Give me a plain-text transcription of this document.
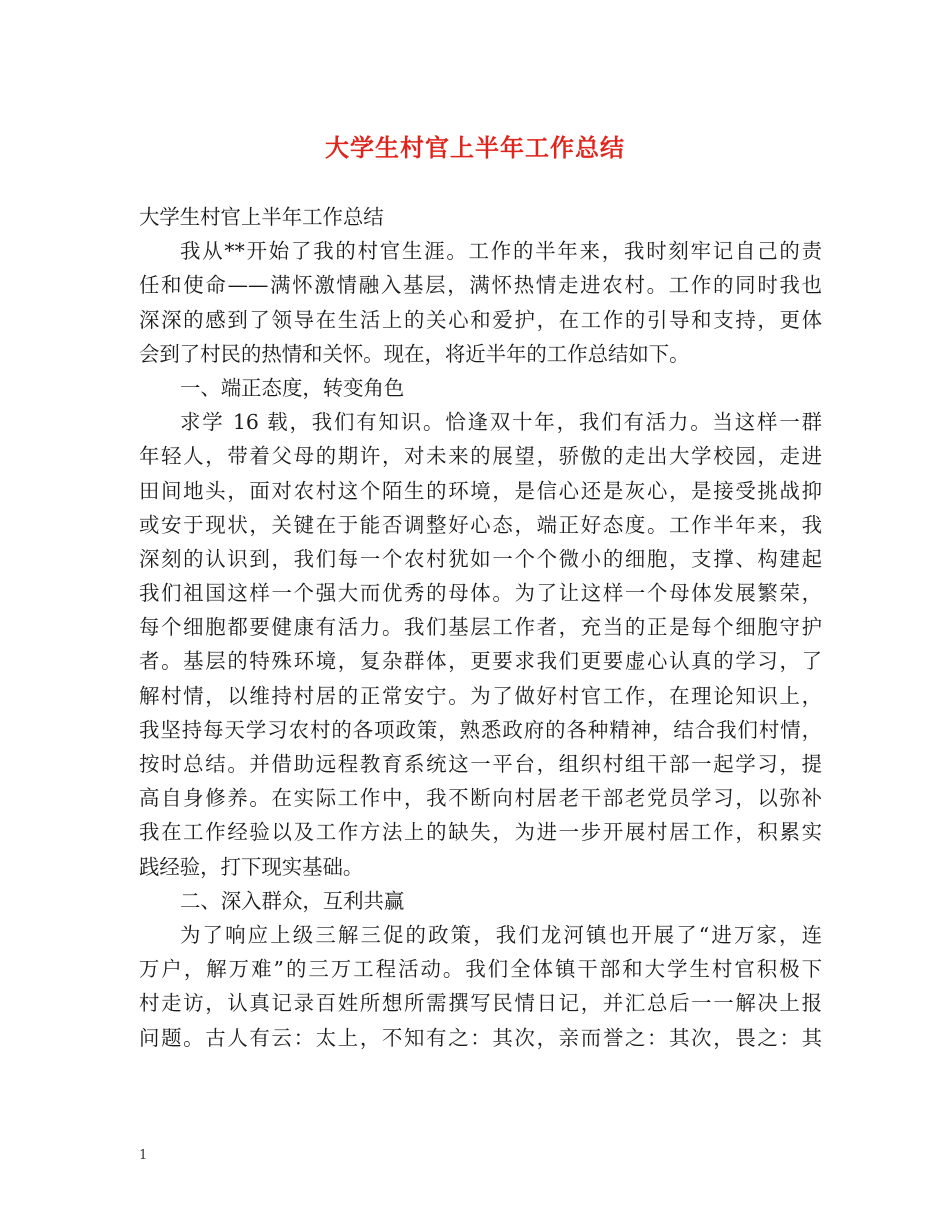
大学生村官上半年工作总结
大学生村官上半年工作总结
我从**开始了我的村官生涯。工作的半年来，我时刻牢记自己的责
任和使命——满怀激情融入基层，满怀热情走进农村。工作的同时我也
深深的感到了领导在生活上的关心和爱护，在工作的引导和支持，更体
会到了村民的热情和关怀。现在，将近半年的工作总结如下。
一、端正态度，转变角色
求学 16 载，我们有知识。恰逢双十年，我们有活力。当这样一群
年轻人，带着父母的期许，对未来的展望，骄傲的走出大学校园，走进
田间地头，面对农村这个陌生的环境，是信心还是灰心，是接受挑战抑
或安于现状，关键在于能否调整好心态，端正好态度。工作半年来，我
深刻的认识到，我们每一个农村犹如一个个微小的细胞，支撑、构建起
我们祖国这样一个强大而优秀的母体。为了让这样一个母体发展繁荣，
每个细胞都要健康有活力。我们基层工作者，充当的正是每个细胞守护
者。基层的特殊环境，复杂群体，更要求我们更要虚心认真的学习，了
解村情，以维持村居的正常安宁。为了做好村官工作，在理论知识上，
我坚持每天学习农村的各项政策，熟悉政府的各种精神，结合我们村情，
按时总结。并借助远程教育系统这一平台，组织村组干部一起学习，提
高自身修养。在实际工作中，我不断向村居老干部老党员学习，以弥补
我在工作经验以及工作方法上的缺失，为进一步开展村居工作，积累实
践经验，打下现实基础。
二、深入群众，互利共赢
为了响应上级三解三促的政策，我们龙河镇也开展了“进万家，连
万户，解万难”的三万工程活动。我们全体镇干部和大学生村官积极下
村走访，认真记录百姓所想所需撰写民情日记，并汇总后一一解决上报
问题。古人有云：太上，不知有之：其次，亲而誉之：其次，畏之：其
1
